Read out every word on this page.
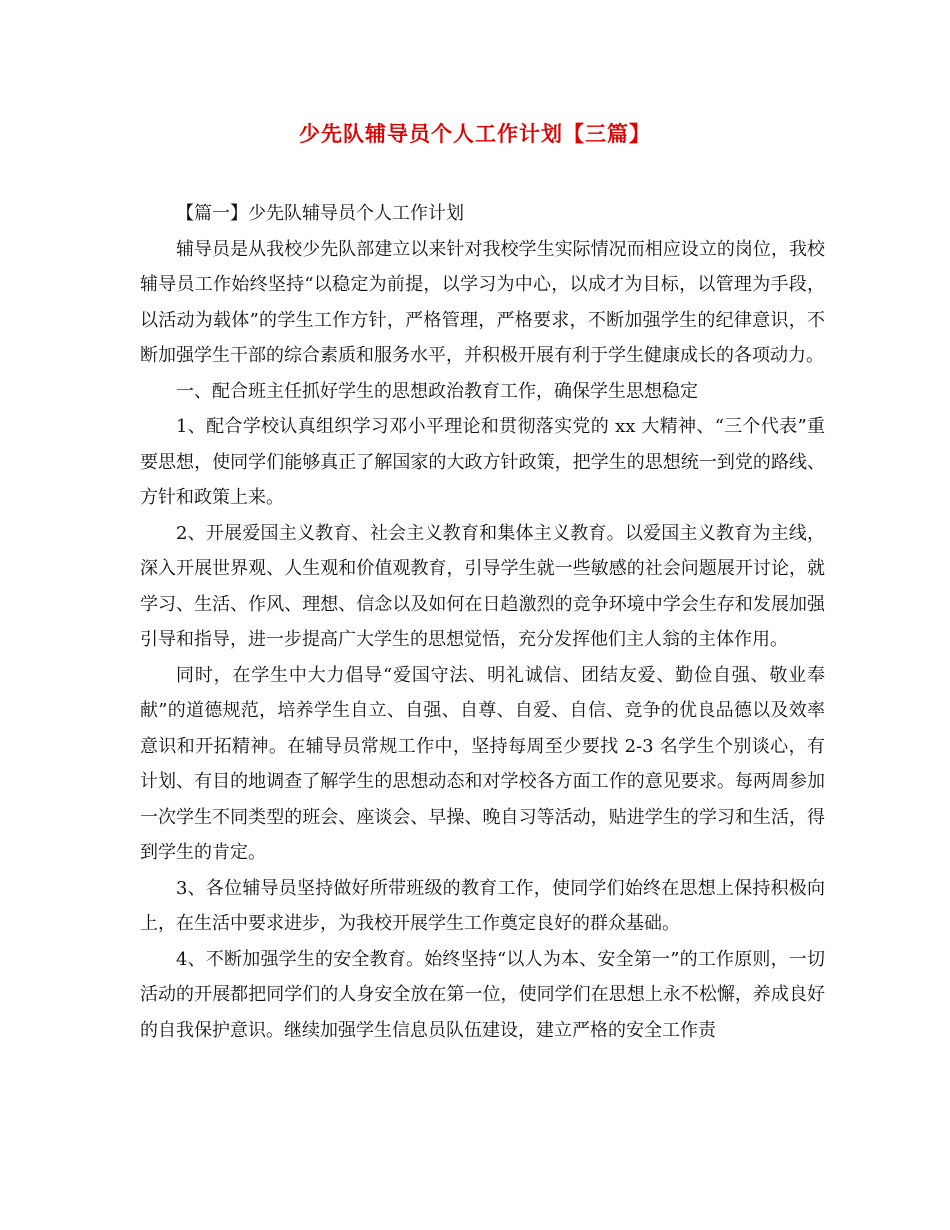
少先队辅导员个人工作计划【三篇】

【篇一】少先队辅导员个人工作计划

辅导员是从我校少先队部建立以来针对我校学生实际情况而相应设立的岗位，我校辅导员工作始终坚持“以稳定为前提，以学习为中心，以成才为目标，以管理为手段，以活动为载体”的学生工作方针，严格管理，严格要求，不断加强学生的纪律意识，不断加强学生干部的综合素质和服务水平，并积极开展有利于学生健康成长的各项动力。

一、配合班主任抓好学生的思想政治教育工作，确保学生思想稳定

1、配合学校认真组织学习邓小平理论和贯彻落实党的 xx 大精神、“三个代表”重要思想，使同学们能够真正了解国家的大政方针政策，把学生的思想统一到党的路线、方针和政策上来。

2、开展爱国主义教育、社会主义教育和集体主义教育。以爱国主义教育为主线，深入开展世界观、人生观和价值观教育，引导学生就一些敏感的社会问题展开讨论，就学习、生活、作风、理想、信念以及如何在日趋激烈的竞争环境中学会生存和发展加强引导和指导，进一步提高广大学生的思想觉悟，充分发挥他们主人翁的主体作用。

同时，在学生中大力倡导“爱国守法、明礼诚信、团结友爱、勤俭自强、敬业奉献”的道德规范，培养学生自立、自强、自尊、自爱、自信、竞争的优良品德以及效率意识和开拓精神。在辅导员常规工作中，坚持每周至少要找 2-3 名学生个别谈心，有计划、有目的地调查了解学生的思想动态和对学校各方面工作的意见要求。每两周参加一次学生不同类型的班会、座谈会、早操、晚自习等活动，贴进学生的学习和生活，得到学生的肯定。

3、各位辅导员坚持做好所带班级的教育工作，使同学们始终在思想上保持积极向上，在生活中要求进步，为我校开展学生工作奠定良好的群众基础。

4、不断加强学生的安全教育。始终坚持“以人为本、安全第一”的工作原则，一切活动的开展都把同学们的人身安全放在第一位，使同学们在思想上永不松懈，养成良好的自我保护意识。继续加强学生信息员队伍建设，建立严格的安全工作责
